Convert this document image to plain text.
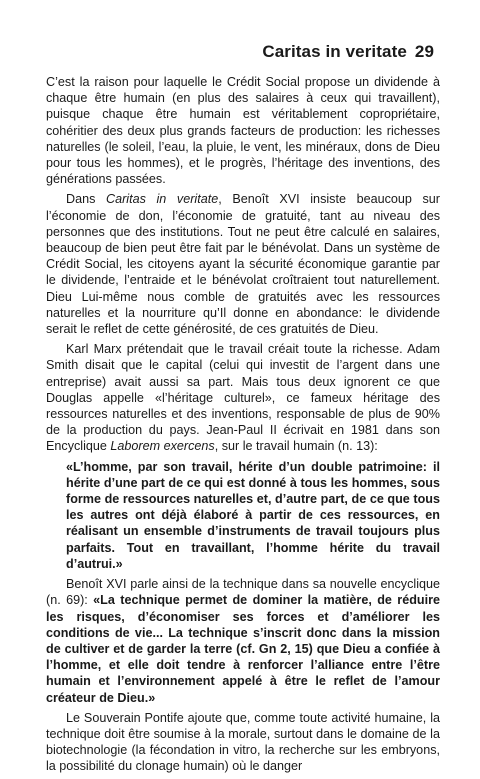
Caritas in veritate 29

C’est la raison pour laquelle le Crédit Social propose un dividende à chaque être humain (en plus des salaires à ceux qui travaillent), puisque chaque être humain est véritablement copropriétaire, cohéritier des deux plus grands facteurs de production: les richesses naturelles (le soleil, l’eau, la pluie, le vent, les minéraux, dons de Dieu pour tous les hommes), et le progrès, l’héritage des inventions, des générations passées.

Dans Caritas in veritate, Benoît XVI insiste beaucoup sur l’économie de don, l’économie de gratuité, tant au niveau des personnes que des institutions. Tout ne peut être calculé en salaires, beaucoup de bien peut être fait par le bénévolat. Dans un système de Crédit Social, les citoyens ayant la sécurité économique garantie par le dividende, l’entraide et le bénévolat croîtraient tout naturellement. Dieu Lui-même nous comble de gratuités avec les ressources naturelles et la nourriture qu’Il donne en abondance: le dividende serait le reflet de cette générosité, de ces gratuités de Dieu.

Karl Marx prétendait que le travail créait toute la richesse. Adam Smith disait que le capital (celui qui investit de l’argent dans une entreprise) avait aussi sa part. Mais tous deux ignorent ce que Douglas appelle «l’héritage culturel», ce fameux héritage des ressources naturelles et des inventions, responsable de plus de 90% de la production du pays. Jean-Paul II écrivait en 1981 dans son Encyclique Laborem exercens, sur le travail humain (n. 13):

«L’homme, par son travail, hérite d’un double patrimoine: il hérite d’une part de ce qui est donné à tous les hommes, sous forme de ressources naturelles et, d’autre part, de ce que tous les autres ont déjà élaboré à partir de ces ressources, en réalisant un ensemble d’instruments de travail toujours plus parfaits. Tout en travaillant, l’homme hérite du travail d’autrui.»

Benoît XVI parle ainsi de la technique dans sa nouvelle encyclique (n. 69): «La technique permet de dominer la matière, de réduire les risques, d’économiser ses forces et d’améliorer les conditions de vie... La technique s’inscrit donc dans la mission de cultiver et de garder la terre (cf. Gn 2, 15) que Dieu a confiée à l’homme, et elle doit tendre à renforcer l’alliance entre l’être humain et l’environnement appelé à être le reflet de l’amour créateur de Dieu.»

Le Souverain Pontife ajoute que, comme toute activité humaine, la technique doit être soumise à la morale, surtout dans le domaine de la biotechnologie (la fécondation in vitro, la recherche sur les embryons, la possibilité du clonage humain) où le danger
